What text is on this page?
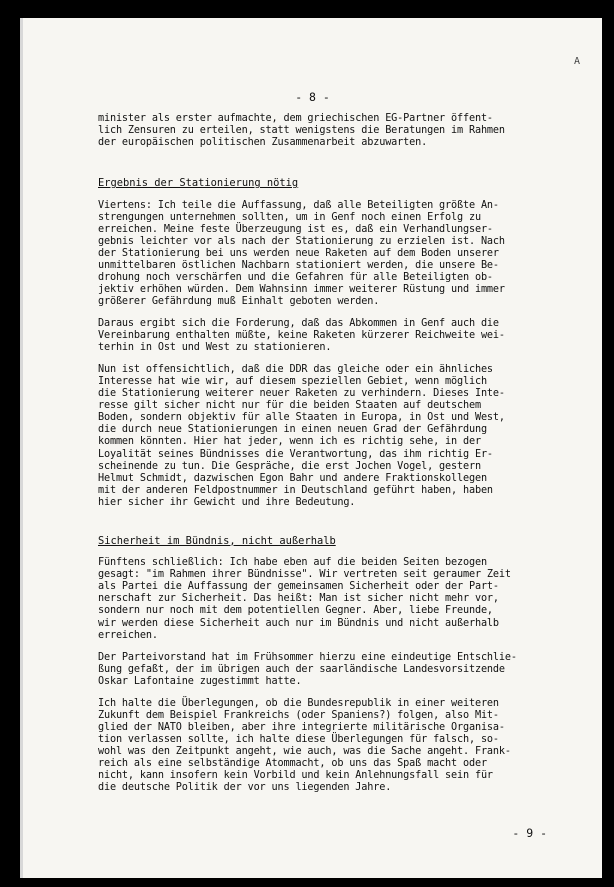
A
- 8 -
minister als erster aufmachte, dem griechischen EG-Partner öffent-
lich Zensuren zu erteilen, statt wenigstens die Beratungen im Rahmen
der europäischen politischen Zusammenarbeit abzuwarten.
Ergebnis der Stationierung nötig
Viertens: Ich teile die Auffassung, daß alle Beteiligten größte An-
strengungen unternehmen sollten, um in Genf noch einen Erfolg zu
erreichen. Meine feste Überzeugung ist es, daß ein Verhandlungser-
gebnis leichter vor als nach der Stationierung zu erzielen ist. Nach
der Stationierung bei uns werden neue Raketen auf dem Boden unserer
unmittelbaren östlichen Nachbarn stationiert werden, die unsere Be-
drohung noch verschärfen und die Gefahren für alle Beteiligten ob-
jektiv erhöhen würden. Dem Wahnsinn immer weiterer Rüstung und immer
größerer Gefährdung muß Einhalt geboten werden.
Daraus ergibt sich die Forderung, daß das Abkommen in Genf auch die
Vereinbarung enthalten müßte, keine Raketen kürzerer Reichweite wei-
terhin in Ost und West zu stationieren.
Nun ist offensichtlich, daß die DDR das gleiche oder ein ähnliches
Interesse hat wie wir, auf diesem speziellen Gebiet, wenn möglich
die Stationierung weiterer neuer Raketen zu verhindern. Dieses Inte-
resse gilt sicher nicht nur für die beiden Staaten auf deutschem
Boden, sondern objektiv für alle Staaten in Europa, in Ost und West,
die durch neue Stationierungen in einen neuen Grad der Gefährdung
kommen könnten. Hier hat jeder, wenn ich es richtig sehe, in der
Loyalität seines Bündnisses die Verantwortung, das ihm richtig Er-
scheinende zu tun. Die Gespräche, die erst Jochen Vogel, gestern
Helmut Schmidt, dazwischen Egon Bahr und andere Fraktionskollegen
mit der anderen Feldpostnummer in Deutschland geführt haben, haben
hier sicher ihr Gewicht und ihre Bedeutung.
Sicherheit im Bündnis, nicht außerhalb
Fünftens schließlich: Ich habe eben auf die beiden Seiten bezogen
gesagt: "im Rahmen ihrer Bündnisse". Wir vertreten seit geraumer Zeit
als Partei die Auffassung der gemeinsamen Sicherheit oder der Part-
nerschaft zur Sicherheit. Das heißt: Man ist sicher nicht mehr vor,
sondern nur noch mit dem potentiellen Gegner. Aber, liebe Freunde,
wir werden diese Sicherheit auch nur im Bündnis und nicht außerhalb
erreichen.
Der Parteivorstand hat im Frühsommer hierzu eine eindeutige Entschlie-
ßung gefaßt, der im übrigen auch der saarländische Landesvorsitzende
Oskar Lafontaine zugestimmt hatte.
Ich halte die Überlegungen, ob die Bundesrepublik in einer weiteren
Zukunft dem Beispiel Frankreichs (oder Spaniens?) folgen, also Mit-
glied der NATO bleiben, aber ihre integrierte militärische Organisa-
tion verlassen sollte, ich halte diese Überlegungen für falsch, so-
wohl was den Zeitpunkt angeht, wie auch, was die Sache angeht. Frank-
reich als eine selbständige Atommacht, ob uns das Spaß macht oder
nicht, kann insofern kein Vorbild und kein Anlehnungsfall sein für
die deutsche Politik der vor uns liegenden Jahre.
- 9 -
